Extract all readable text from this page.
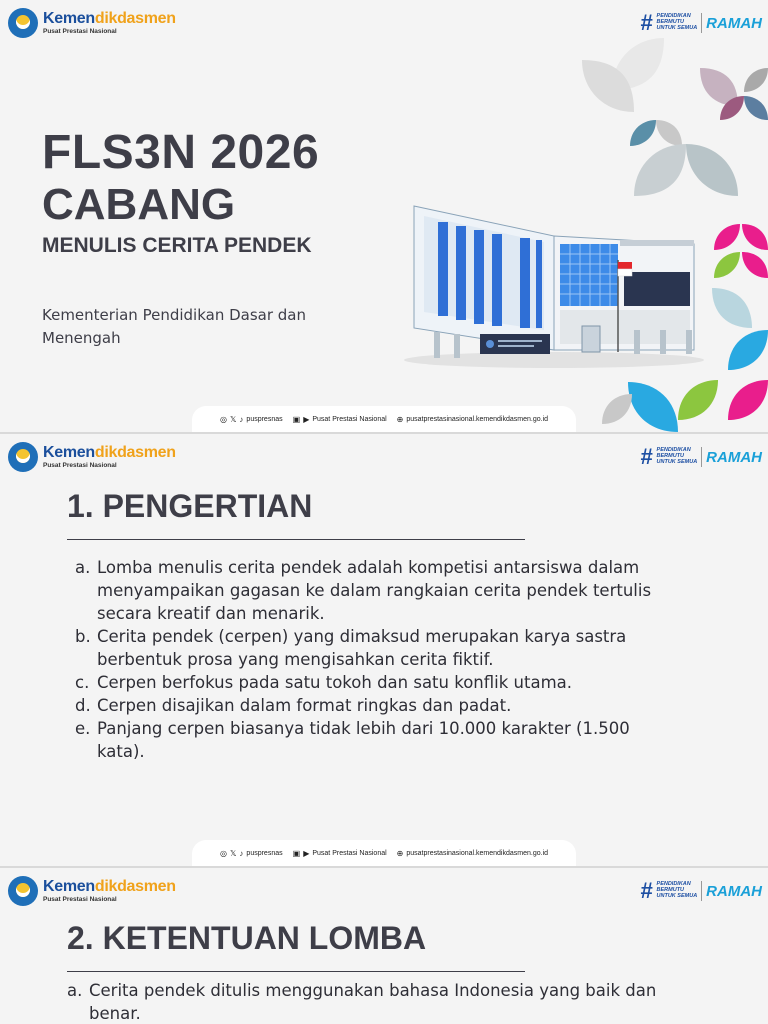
Kemendikdasmen
Pusat Prestasi Nasional	# PENDIDIKAN
BERMUTU
UNTUK SEMUA RAMAH
FLS3N 2026
CABANG
MENULIS CERITA PENDEK
Kementerian Pendidikan Dasar dan Menengah
◎ 𝕏 ♪ puspresnas ▣ ▶ Pusat Prestasi Nasional ⊕ pusatprestasinasional.kemendikdasmen.go.id
Kemendikdasmen
Pusat Prestasi Nasional	# PENDIDIKAN
BERMUTU
UNTUK SEMUA RAMAH
1. PENGERTIAN
a. Lomba menulis cerita pendek adalah kompetisi antarsiswa dalam menyampaikan gagasan ke dalam rangkaian cerita pendek tertulis secara kreatif dan menarik.
b. Cerita pendek (cerpen) yang dimaksud merupakan karya sastra berbentuk prosa yang mengisahkan cerita fiktif.
c. Cerpen berfokus pada satu tokoh dan satu konflik utama.
d. Cerpen disajikan dalam format ringkas dan padat.
e. Panjang cerpen biasanya tidak lebih dari 10.000 karakter (1.500 kata).
◎ 𝕏 ♪ puspresnas ▣ ▶ Pusat Prestasi Nasional ⊕ pusatprestasinasional.kemendikdasmen.go.id
Kemendikdasmen
Pusat Prestasi Nasional	# PENDIDIKAN
BERMUTU
UNTUK SEMUA RAMAH
2. KETENTUAN LOMBA
a. Cerita pendek ditulis menggunakan bahasa Indonesia yang baik dan benar.
